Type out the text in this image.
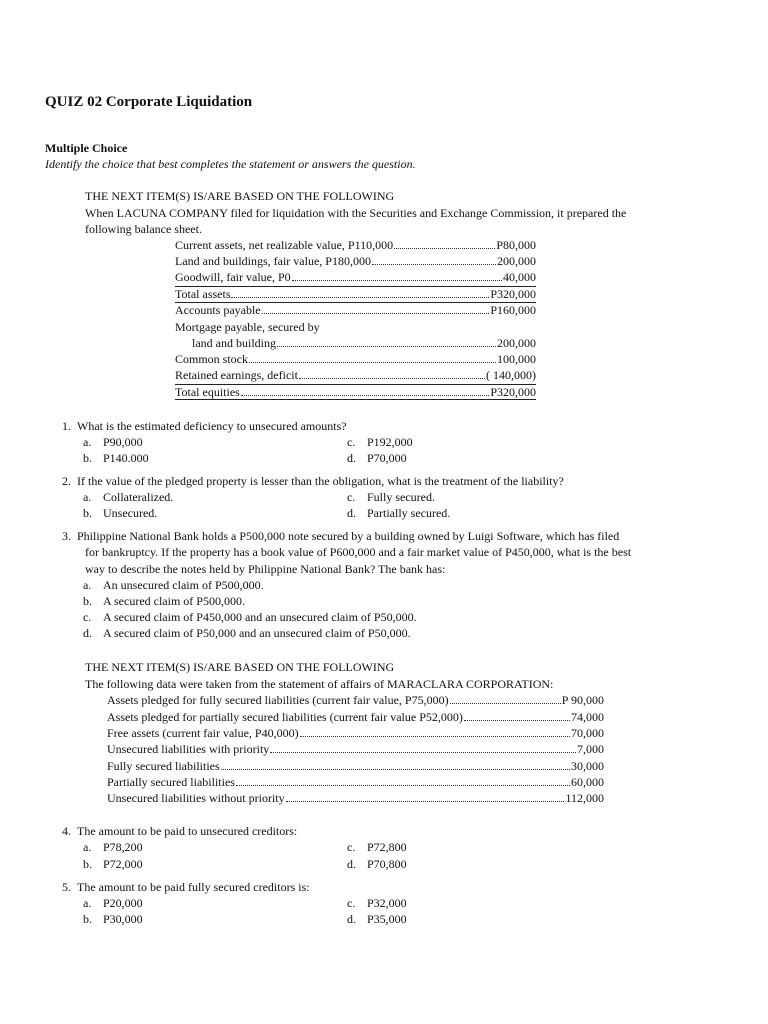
QUIZ 02 Corporate Liquidation
Multiple Choice
Identify the choice that best completes the statement or answers the question.
THE NEXT ITEM(S) IS/ARE BASED ON THE FOLLOWING
When LACUNA COMPANY filed for liquidation with the Securities and Exchange Commission, it prepared the
following balance sheet.
Current assets, net realizable value, P110,000	P80,000
Land and buildings, fair value, P180,000	200,000
Goodwill, fair value, P0	40,000
Total assets	P320,000
Accounts payable	P160,000
Mortgage payable, secured by
land and building	200,000
Common stock	100,000
Retained earnings, deficit	( 140,000)
Total equities	P320,000
1. What is the estimated deficiency to unsecured amounts?
a. P90,000	c. P192,000
b. P140.000	d. P70,000
2. If the value of the pledged property is lesser than the obligation, what is the treatment of the liability?
a. Collateralized.	c. Fully secured.
b. Unsecured.	d. Partially secured.
3. Philippine National Bank holds a P500,000 note secured by a building owned by Luigi Software, which has filed
for bankruptcy. If the property has a book value of P600,000 and a fair market value of P450,000, what is the best
way to describe the notes held by Philippine National Bank? The bank has:
a. An unsecured claim of P500,000.
b. A secured claim of P500,000.
c. A secured claim of P450,000 and an unsecured claim of P50,000.
d. A secured claim of P50,000 and an unsecured claim of P50,000.
THE NEXT ITEM(S) IS/ARE BASED ON THE FOLLOWING
The following data were taken from the statement of affairs of MARACLARA CORPORATION:
Assets pledged for fully secured liabilities (current fair value, P75,000)	P 90,000
Assets pledged for partially secured liabilities (current fair value P52,000)	74,000
Free assets (current fair value, P40,000)	70,000
Unsecured liabilities with priority	7,000
Fully secured liabilities	30,000
Partially secured liabilities	60,000
Unsecured liabilities without priority	112,000
4. The amount to be paid to unsecured creditors:
a. P78,200	c. P72,800
b. P72,000	d. P70,800
5. The amount to be paid fully secured creditors is:
a. P20,000	c. P32,000
b. P30,000	d. P35,000
